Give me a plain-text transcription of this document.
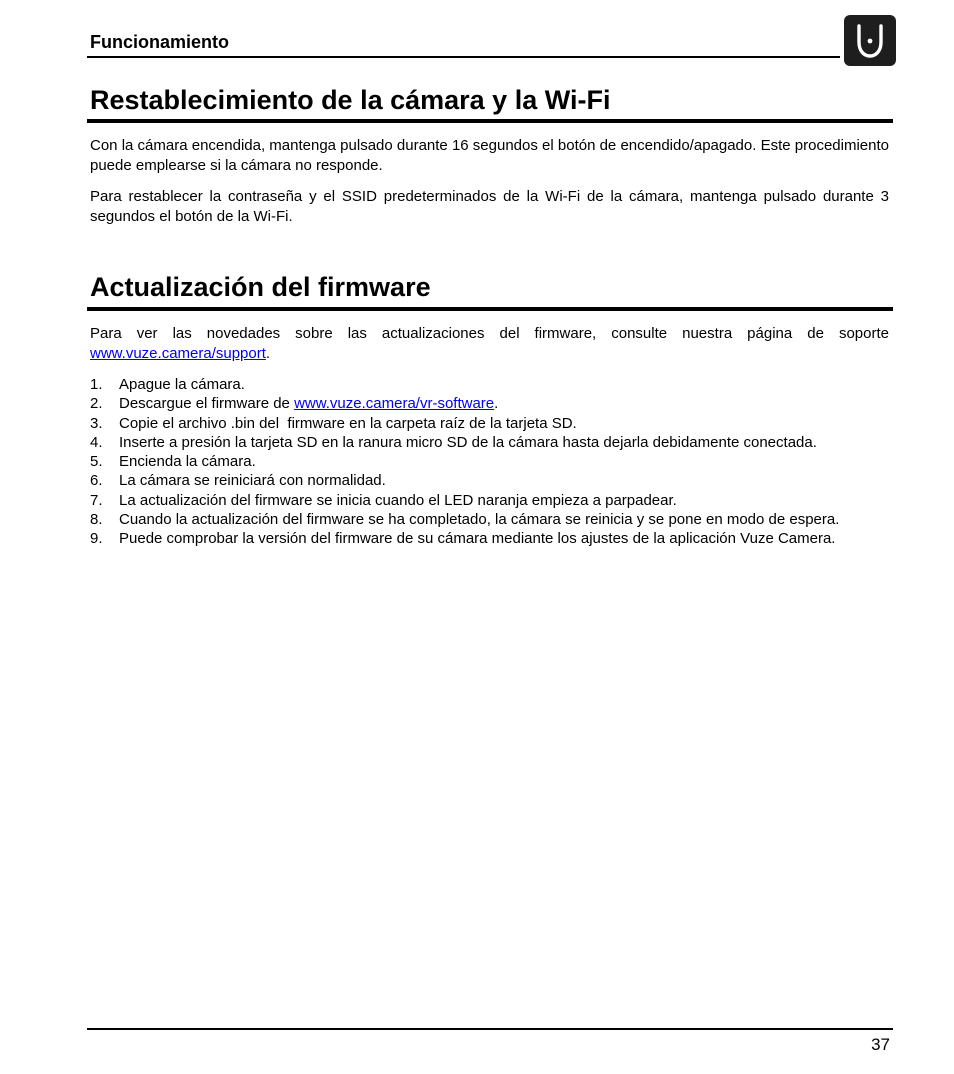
Funcionamiento
Restablecimiento de la cámara y la Wi-Fi
Con la cámara encendida, mantenga pulsado durante 16 segundos el botón de encendido/apagado. Este procedimiento puede emplearse si la cámara no responde.
Para restablecer la contraseña y el SSID predeterminados de la Wi-Fi de la cámara, mantenga pulsado durante 3 segundos el botón de la Wi-Fi.
Actualización del firmware
Para ver las novedades sobre las actualizaciones del firmware, consulte nuestra página de soporte www.vuze.camera/support.
1. Apague la cámara.
2. Descargue el firmware de www.vuze.camera/vr-software.
3. Copie el archivo .bin del  firmware en la carpeta raíz de la tarjeta SD.
4. Inserte a presión la tarjeta SD en la ranura micro SD de la cámara hasta dejarla debidamente conectada.
5. Encienda la cámara.
6. La cámara se reiniciará con normalidad.
7. La actualización del firmware se inicia cuando el LED naranja empieza a parpadear.
8. Cuando la actualización del firmware se ha completado, la cámara se reinicia y se pone en modo de espera.
9. Puede comprobar la versión del firmware de su cámara mediante los ajustes de la aplicación Vuze Camera.
37
